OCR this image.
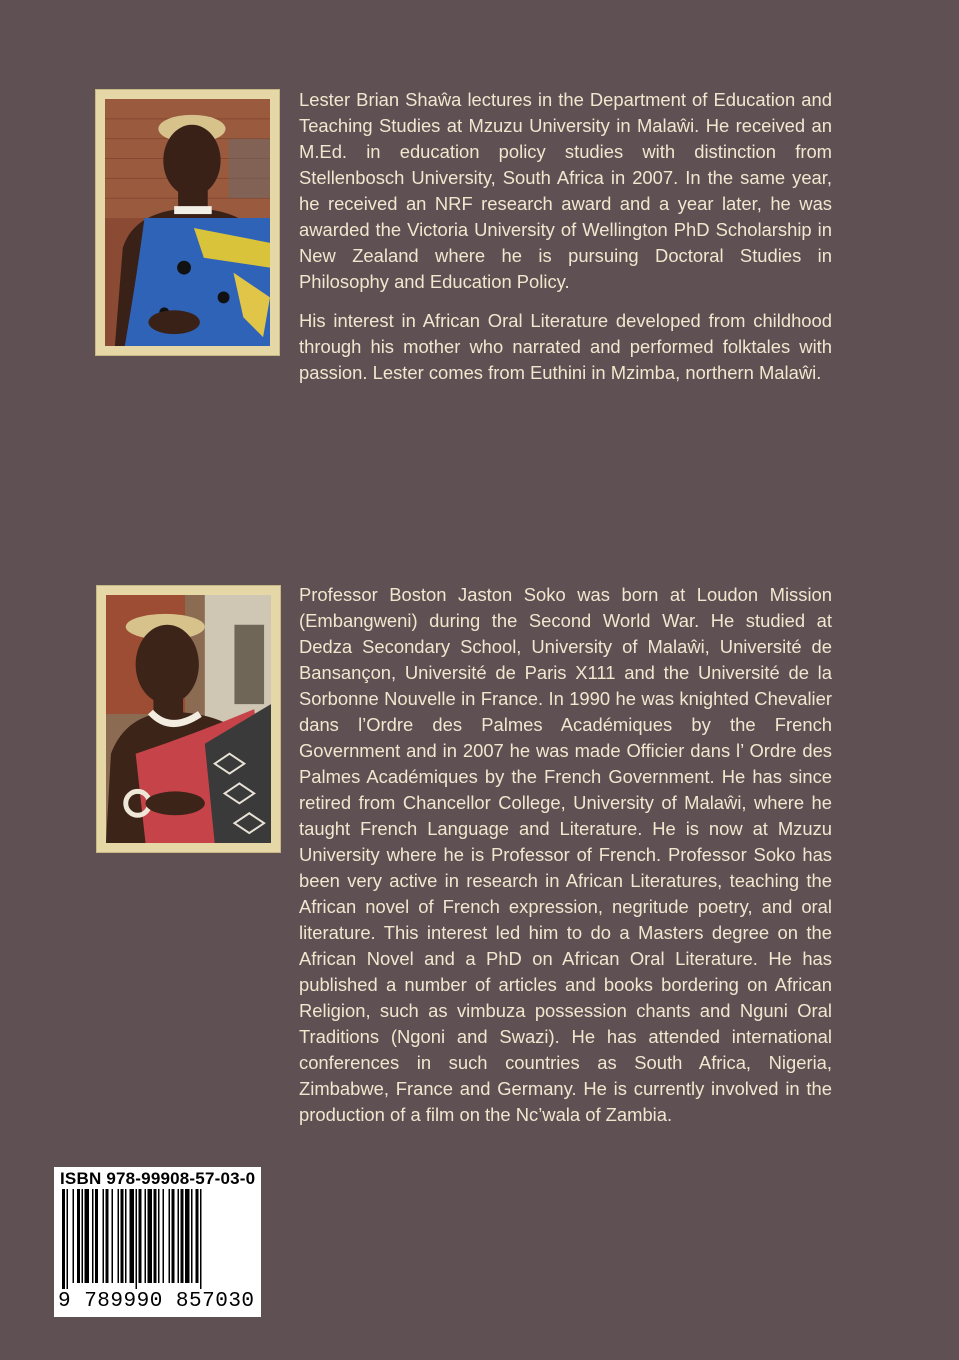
Lester Brian Shaŵa lectures in the Department of Education and Teaching Studies at Mzuzu University in Malaŵi. He received an M.Ed. in education policy studies with distinction from Stellenbosch University, South Africa in 2007. In the same year, he received an NRF research award and a year later, he was awarded the Victoria University of Wellington PhD Scholarship in New Zealand where he is pursuing Doctoral Studies in Philosophy and Education Policy.

His interest in African Oral Literature developed from childhood through his mother who narrated and performed folktales with passion. Lester comes from Euthini in Mzimba, northern Malaŵi.

Professor Boston Jaston Soko was born at Loudon Mission (Embangweni) during the Second World War. He studied at Dedza Secondary School, University of Malaŵi, Université de Bansançon, Université de Paris X111 and the Université de la Sorbonne Nouvelle in France. In 1990 he was knighted Chevalier dans l’Ordre des Palmes Académiques by the French Government and in 2007 he was made Officier dans l’ Ordre des Palmes Académiques by the French Government. He has since retired from Chancellor College, University of Malaŵi, where he taught French Language and Literature. He is now at Mzuzu University where he is Professor of French. Professor Soko has been very active in research in African Literatures, teaching the African novel of French expression, negritude poetry, and oral literature. This interest led him to do a Masters degree on the African Novel and a PhD on African Oral Literature. He has published a number of articles and books bordering on African Religion, such as vimbuza possession chants and Nguni Oral Traditions (Ngoni and Swazi). He has attended international conferences in such countries as South Africa, Nigeria, Zimbabwe, France and Germany. He is currently involved in the production of a film on the Nc’wala of Zambia.

ISBN 978-99908-57-03-0
9 789990 857030
